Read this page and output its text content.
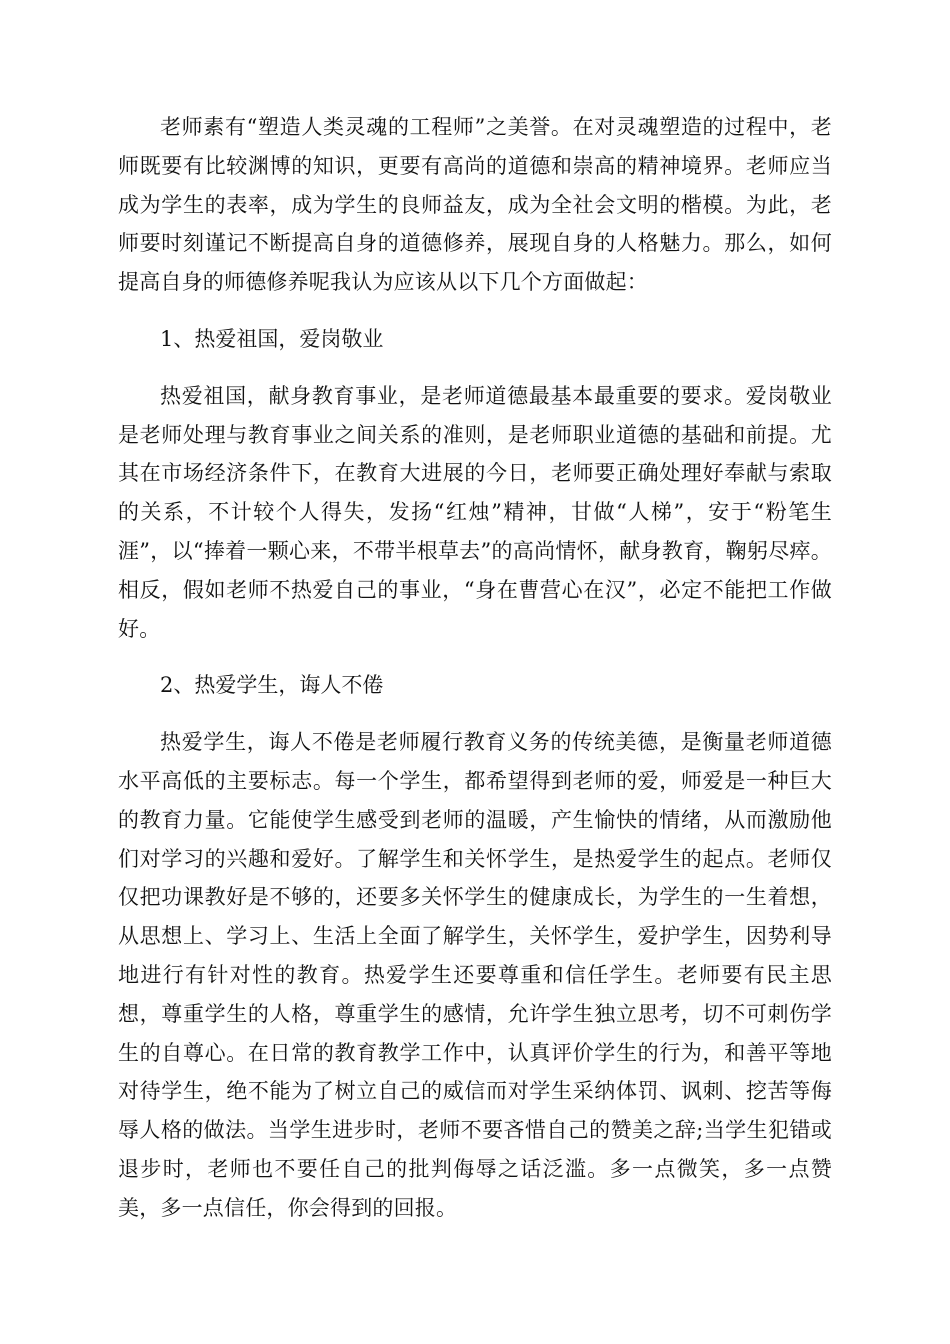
老师素有“塑造人类灵魂的工程师”之美誉。在对灵魂塑造的过程中，老师既要有比较渊博的知识，更要有高尚的道德和崇高的精神境界。老师应当成为学生的表率，成为学生的良师益友，成为全社会文明的楷模。为此，老师要时刻谨记不断提高自身的道德修养，展现自身的人格魅力。那么，如何提高自身的师德修养呢我认为应该从以下几个方面做起：

1、热爱祖国，爱岗敬业

热爱祖国，献身教育事业，是老师道德最基本最重要的要求。爱岗敬业是老师处理与教育事业之间关系的准则，是老师职业道德的基础和前提。尤其在市场经济条件下，在教育大进展的今日，老师要正确处理好奉献与索取的关系，不计较个人得失，发扬“红烛”精神，甘做“人梯”，安于“粉笔生涯”，以“捧着一颗心来，不带半根草去”的高尚情怀，献身教育，鞠躬尽瘁。相反，假如老师不热爱自己的事业，“身在曹营心在汉”，必定不能把工作做好。

2、热爱学生，诲人不倦

热爱学生，诲人不倦是老师履行教育义务的传统美德，是衡量老师道德水平高低的主要标志。每一个学生，都希望得到老师的爱，师爱是一种巨大的教育力量。它能使学生感受到老师的温暖，产生愉快的情绪，从而激励他们对学习的兴趣和爱好。了解学生和关怀学生，是热爱学生的起点。老师仅仅把功课教好是不够的，还要多关怀学生的健康成长，为学生的一生着想，从思想上、学习上、生活上全面了解学生，关怀学生，爱护学生，因势利导地进行有针对性的教育。热爱学生还要尊重和信任学生。老师要有民主思想，尊重学生的人格，尊重学生的感情，允许学生独立思考，切不可刺伤学生的自尊心。在日常的教育教学工作中，认真评价学生的行为，和善平等地对待学生，绝不能为了树立自己的威信而对学生采纳体罚、讽刺、挖苦等侮辱人格的做法。当学生进步时，老师不要吝惜自己的赞美之辞;当学生犯错或退步时，老师也不要任自己的批判侮辱之话泛滥。多一点微笑，多一点赞美，多一点信任，你会得到的回报。
